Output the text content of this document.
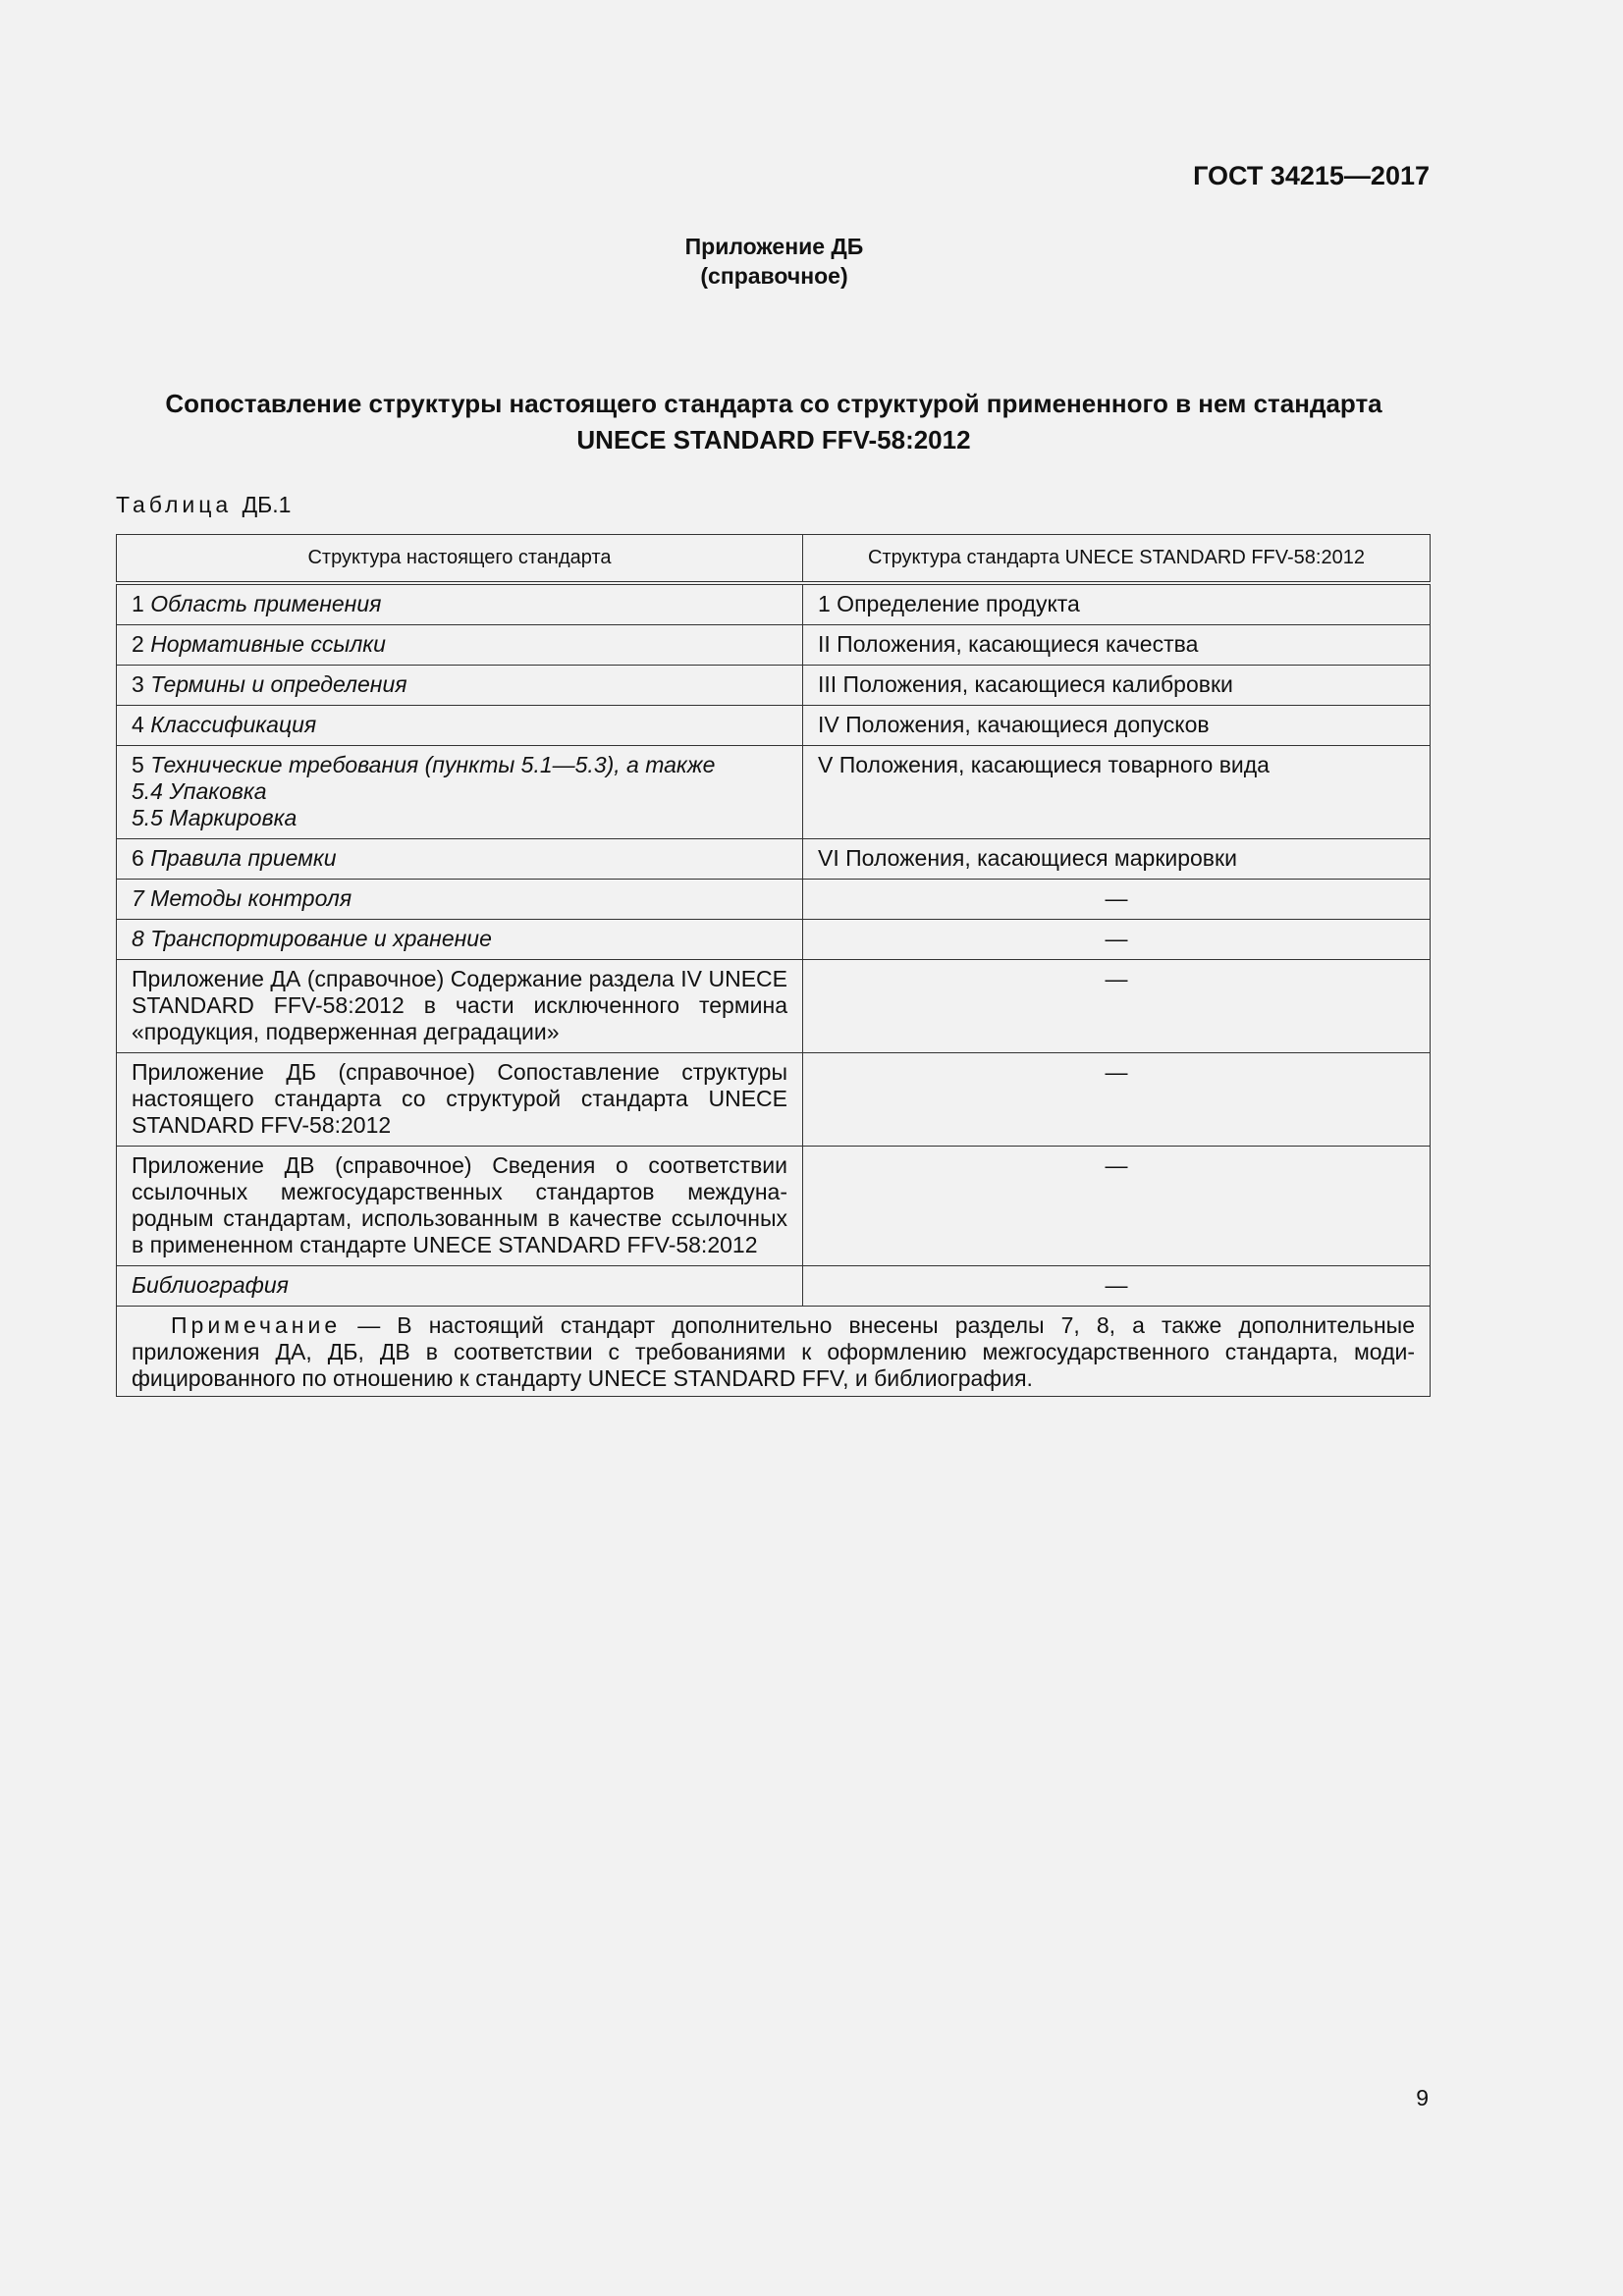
ГОСТ 34215—2017
Приложение ДБ
(справочное)
Сопоставление структуры настоящего стандарта со структурой примененного в нем стандарта
UNECE STANDARD FFV-58:2012
Таблица ДБ.1
Структура настоящего стандарта	Структура стандарта UNECE STANDARD FFV-58:2012
1 Область применения	1 Определение продукта
2 Нормативные ссылки	II Положения, касающиеся качества
3 Термины и определения	III Положения, касающиеся калибровки
4 Классификация	IV Положения, качающиеся допусков

5 Технические требования (пункты 5.1—5.3), а также
5.4 Упаковка
5.5 Маркировка	V Положения, касающиеся товарного вида
6 Правила приемки	VI Положения, касающиеся маркировки
7 Методы контроля	—
8 Транспортирование и хранение	—
Приложение ДА (справочное) Содержание раздела IV UNECE STANDARD FFV-58:2012 в части исключенного термина «продукция, подверженная деградации»	—
Приложение ДБ (справочное) Сопоставление структуры настоящего стандарта со структурой стандарта UNECE STANDARD FFV-58:2012	—
Приложение ДВ (справочное) Сведения о соответствии ссылочных межгосударственных стандартов междуна-родным стандартам, использованным в качестве ссылочных в примененном стандарте UNECE STANDARD FFV-58:2012	—
Библиография	—
Примечание — В настоящий стандарт дополнительно внесены разделы 7, 8, а также дополнительные приложения ДА, ДБ, ДВ в соответствии с требованиями к оформлению межгосударственного стандарта, моди-фицированного по отношению к стандарту UNECE STANDARD FFV, и библиография.	
9
